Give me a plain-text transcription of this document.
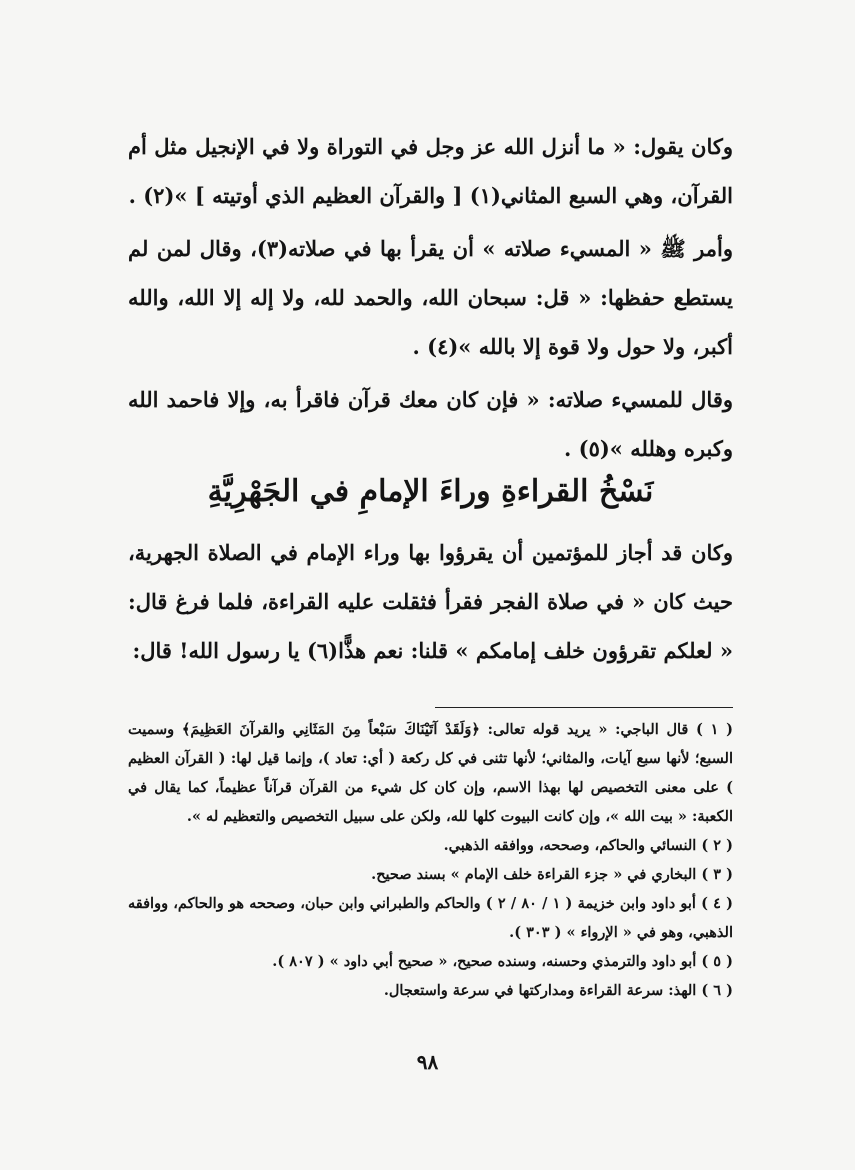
وكان يقول: « ما أنزل الله عز وجل في التوراة ولا في الإنجيل مثل أم القرآن، وهي السبع المثاني(١) [ والقرآن العظيم الذي أوتيته ] »(٢) .

وأمر ﷺ « المسيء صلاته » أن يقرأ بها في صلاته(٣)، وقال لمن لم يستطع حفظها: « قل: سبحان الله، والحمد لله، ولا إله إلا الله، والله أكبر، ولا حول ولا قوة إلا بالله »(٤) .

وقال للمسيء صلاته: « فإن كان معك قرآن فاقرأ به، وإلا فاحمد الله وكبره وهلله »(٥) .

نَسْخُ القراءةِ وراءَ الإمامِ في الجَهْرِيَّةِ

وكان قد أجاز للمؤتمين أن يقرؤوا بها وراء الإمام في الصلاة الجهرية، حيث كان « في صلاة الفجر فقرأ فثقلت عليه القراءة، فلما فرغ قال: « لعلكم تقرؤون خلف إمامكم » قلنا: نعم هذًّا(٦) يا رسول الله! قال:

( ١ ) قال الباجي: « يريد قوله تعالى: ﴿وَلَقَدْ آتَيْنَاكَ سَبْعاً مِنَ المَثَانِي والقرآنَ العَظِيمَ﴾ وسميت السبع؛ لأنها سبع آيات، والمثاني؛ لأنها تثنى في كل ركعة ( أي: تعاد )، وإنما قيل لها: ( القرآن العظيم ) على معنى التخصيص لها بهذا الاسم، وإن كان كل شيء من القرآن قرآناً عظيماً، كما يقال في الكعبة: « بيت الله »، وإن كانت البيوت كلها لله، ولكن على سبيل التخصيص والتعظيم له ».

( ٢ ) النسائي والحاكم، وصححه، ووافقه الذهبي.

( ٣ ) البخاري في « جزء القراءة خلف الإمام » بسند صحيح.

( ٤ ) أبو داود وابن خزيمة ( ١ / ٨٠ / ٢ ) والحاكم والطبراني وابن حبان، وصححه هو والحاكم، ووافقه الذهبي، وهو في « الإرواء » ( ٣٠٣ ).

( ٥ ) أبو داود والترمذي وحسنه، وسنده صحيح، « صحيح أبي داود » ( ٨٠٧ ).

( ٦ ) الهذ: سرعة القراءة ومداركتها في سرعة واستعجال.

٩٨
